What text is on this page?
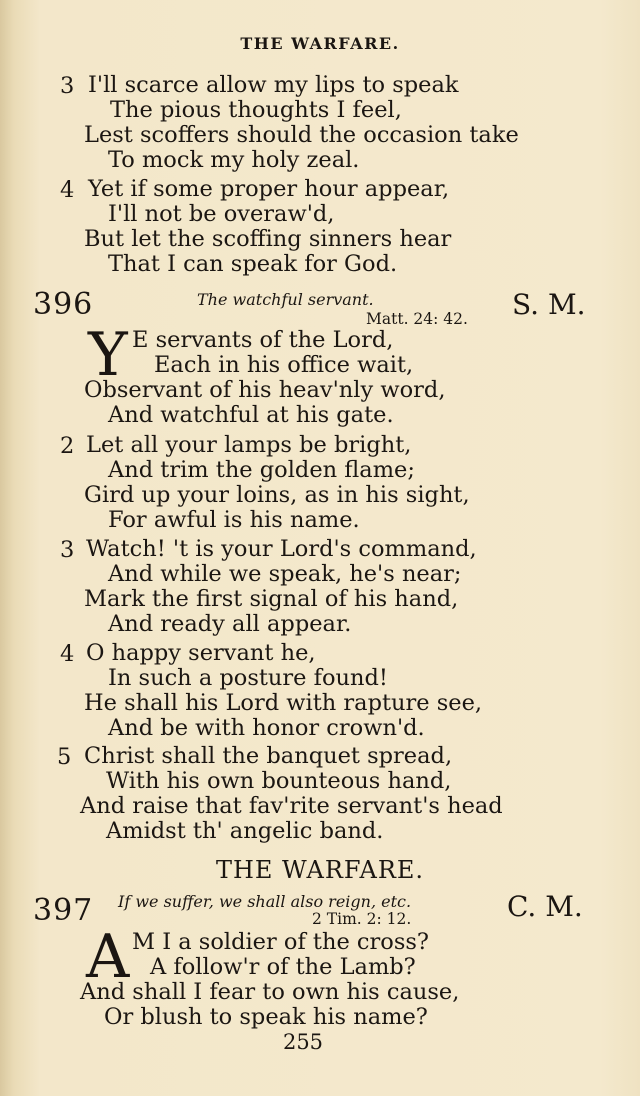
THE WARFARE.
3 I'll scarce allow my lips to speak
The pious thoughts I feel,
Lest scoffers should the occasion take
To mock my holy zeal.
4 Yet if some proper hour appear,
I'll not be overaw'd,
But let the scoffing sinners hear
That I can speak for God.
396	The watchful servant.
Matt. 24: 42. S. M.
Y E servants of the Lord,
Each in his office wait,
Observant of his heav'nly word,
And watchful at his gate.
2 Let all your lamps be bright,
And trim the golden flame;
Gird up your loins, as in his sight,
For awful is his name.
3 Watch! 't is your Lord's command,
And while we speak, he's near;
Mark the first signal of his hand,
And ready all appear.
4 O happy servant he,
In such a posture found!
He shall his Lord with rapture see,
And be with honor crown'd.
5 Christ shall the banquet spread,
With his own bounteous hand,
And raise that fav'rite servant's head
Amidst th' angelic band.
THE WARFARE.
397 If we suffer, we shall also reign, etc.
2 Tim. 2: 12.	C. M.
A M I a soldier of the cross?
A follow'r of the Lamb?
And shall I fear to own his cause,
Or blush to speak his name?
255
